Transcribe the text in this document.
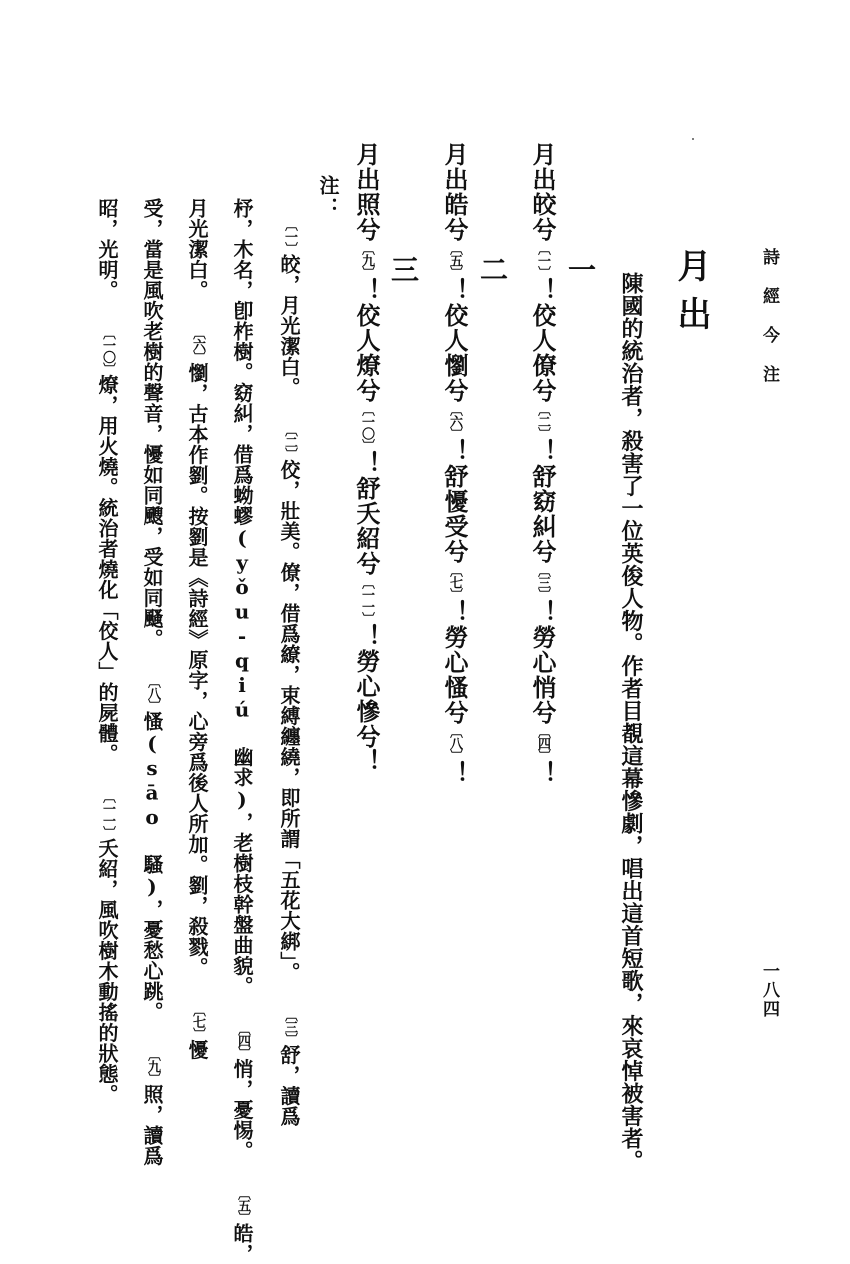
詩經今注
一八四
月出
陳國的統治者，殺害了一位英俊人物。作者目覩這幕慘劇，唱出這首短歌，來哀悼被害者。
一
月出皎兮〔一〕！佼人僚兮〔二〕！舒窈糾兮〔三〕！勞心悄兮〔四〕！
二
月出皓兮〔五〕！佼人懰兮〔六〕！舒懮受兮〔七〕！勞心慅兮〔八〕！
三
月出照兮〔九〕！佼人燎兮〔一〇〕！舒夭紹兮〔一一〕！勞心慘兮！
注：
〔一〕皎，月光潔白。〔二〕佼，壯美。僚，借爲繚，束縛纏繞，即所謂「五花大綁」。〔三〕舒，讀爲
杼，木名，卽柞樹。窈糾，借爲蚴蟉(yǒu-qiú 幽求)，老樹枝幹盤曲貌。〔四〕悄，憂惕。〔五〕皓，
月光潔白。〔六〕懰，古本作劉。按劉是《詩經》原字，心旁爲後人所加。劉，殺戮。〔七〕懮
受，當是風吹老樹的聲音，懮如同颼，受如同颾。〔八〕慅(sāo 騷)，憂愁心跳。〔九〕照，讀爲
昭，光明。〔一〇〕燎，用火燒。統治者燒化「佼人」的屍體。〔一一〕夭紹，風吹樹木動搖的狀態。
